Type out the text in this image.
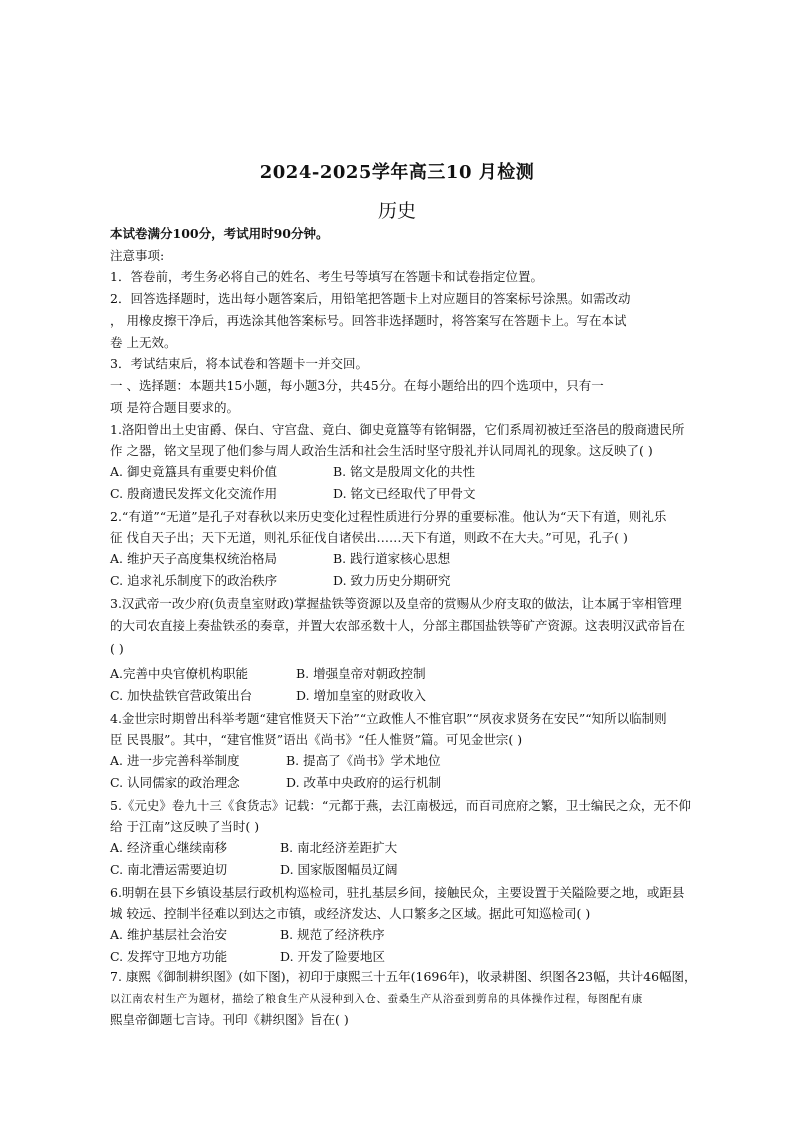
2024-2025学年高三10 月检测
历史
本试卷满分100分，考试用时90分钟。
注意事项:
1．答卷前，考生务必将自己的姓名、考生号等填写在答题卡和试卷指定位置。
2．回答选择题时，选出每小题答案后，用铅笔把答题卡上对应题目的答案标号涂黑。如需改动
， 用橡皮擦干净后，再选涂其他答案标号。回答非选择题时，将答案写在答题卡上。写在本试
卷 上无效。
3．考试结束后，将本试卷和答题卡一并交回。
一 、选择题：本题共15小题，每小题3分，共45分。在每小题给出的四个选项中，只有一
项 是符合题目要求的。
1.洛阳曾出土史宙爵、保白、守宫盘、竟白、御史竟簋等有铭铜器，它们系周初被迁至洛邑的殷商遗民所
作 之器，铭文呈现了他们参与周人政治生活和社会生活时坚守殷礼并认同周礼的现象。这反映了( )
A. 御史竟簋具有重要史料价值	B. 铭文是殷周文化的共性
C. 殷商遗民发挥文化交流作用	D. 铭文已经取代了甲骨文
2.“有道”“无道”是孔子对春秋以来历史变化过程性质进行分界的重要标准。他认为“天下有道，则礼乐
征 伐自天子出；天下无道，则礼乐征伐自诸侯出……天下有道，则政不在大夫。”可见，孔子( )
A. 维护天子高度集权统治格局	B. 践行道家核心思想
C. 追求礼乐制度下的政治秩序	D. 致力历史分期研究
3.汉武帝一改少府(负责皇室财政)掌握盐铁等资源以及皇帝的赏赐从少府支取的做法，让本属于宰相管理
的大司农直接上奏盐铁丞的奏章，并置大农部丞数十人，分部主郡国盐铁等矿产资源。这表明汉武帝旨在
( )
A.完善中央官僚机构职能	B. 增强皇帝对朝政控制
C. 加快盐铁官营政策出台	D. 增加皇室的财政收入
4.金世宗时期曾出科举考题“建官惟贤天下治”“立政惟人不惟官职”“夙夜求贤务在安民”“知所以临制则
臣 民畏服”。其中，“建官惟贤”语出《尚书》“任人惟贤”篇。可见金世宗( )
A. 进一步完善科举制度	B. 提高了《尚书》学术地位
C. 认同儒家的政治理念	D. 改革中央政府的运行机制
5.《元史》卷九十三《食货志》记载：“元都于燕，去江南极远，而百司庶府之繁，卫士编民之众，无不仰
给 于江南”这反映了当时( )
A. 经济重心继续南移	B. 南北经济差距扩大
C. 南北漕运需要迫切	D. 国家版图幅员辽阔
6.明朝在县下乡镇设基层行政机构巡检司，驻扎基层乡间，接触民众，主要设置于关隘险要之地，或距县
城 较远、控制半径难以到达之市镇，或经济发达、人口繁多之区域。据此可知巡检司( )
A. 维护基层社会治安	B. 规范了经济秩序
C. 发挥守卫地方功能	D. 开发了险要地区
7. 康熙《御制耕织图》(如下图)，初印于康熙三十五年(1696年)，收录耕图、织图各23幅，共计46幅图，
以江南农村生产为题材，描绘了粮食生产从浸种到入仓、蚕桑生产从浴蚕到剪帛的具体操作过程，每图配有康
熙皇帝御题七言诗。刊印《耕织图》旨在( )
